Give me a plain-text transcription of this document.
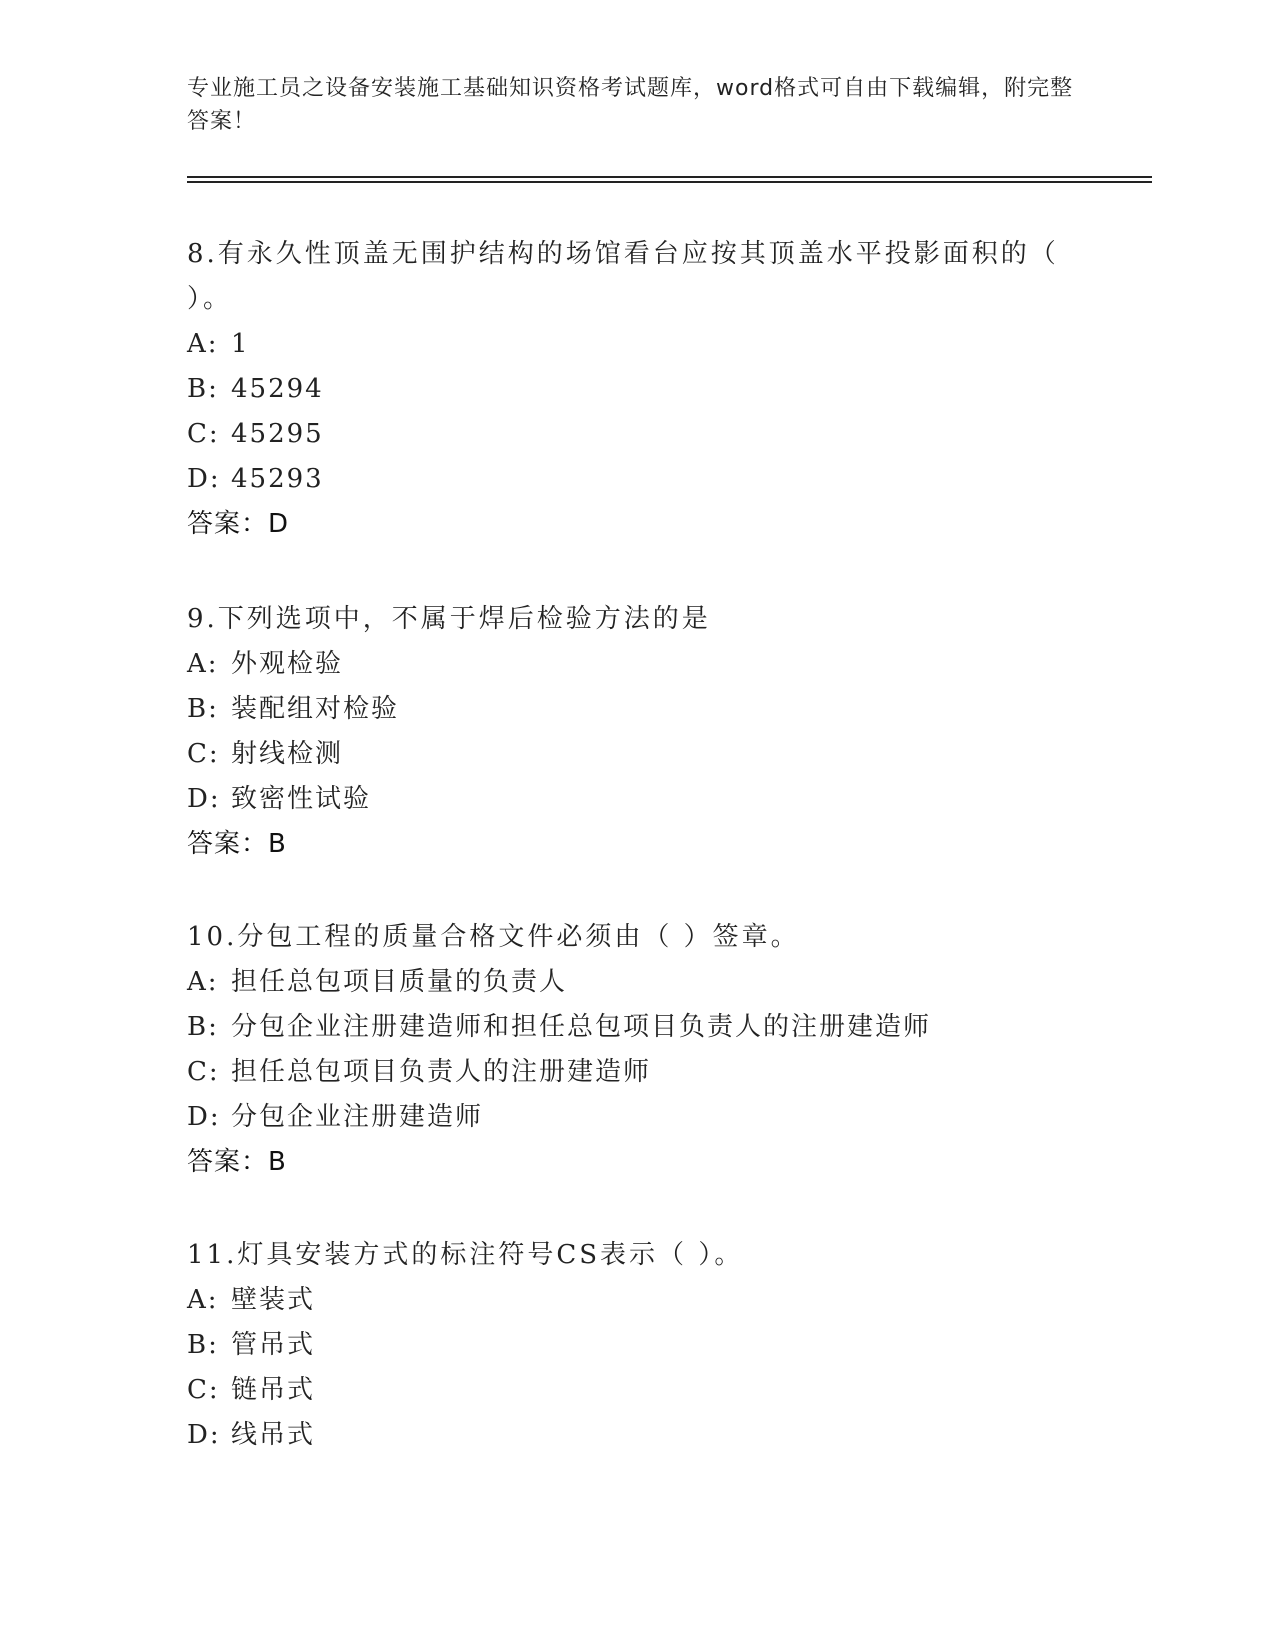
专业施工员之设备安装施工基础知识资格考试题库，word格式可自由下载编辑，附完整答案！

8.有永久性顶盖无围护结构的场馆看台应按其顶盖水平投影面积的（ ）。

A: 1
B: 45294
C: 45295
D: 45293
答案：D

9.下列选项中，不属于焊后检验方法的是

A: 外观检验
B: 装配组对检验
C: 射线检测
D: 致密性试验
答案：B

10.分包工程的质量合格文件必须由（ ）签章。

A: 担任总包项目质量的负责人
B: 分包企业注册建造师和担任总包项目负责人的注册建造师
C: 担任总包项目负责人的注册建造师
D: 分包企业注册建造师
答案：B

11.灯具安装方式的标注符号CS表示（ ）。

A: 壁装式
B: 管吊式
C: 链吊式
D: 线吊式
